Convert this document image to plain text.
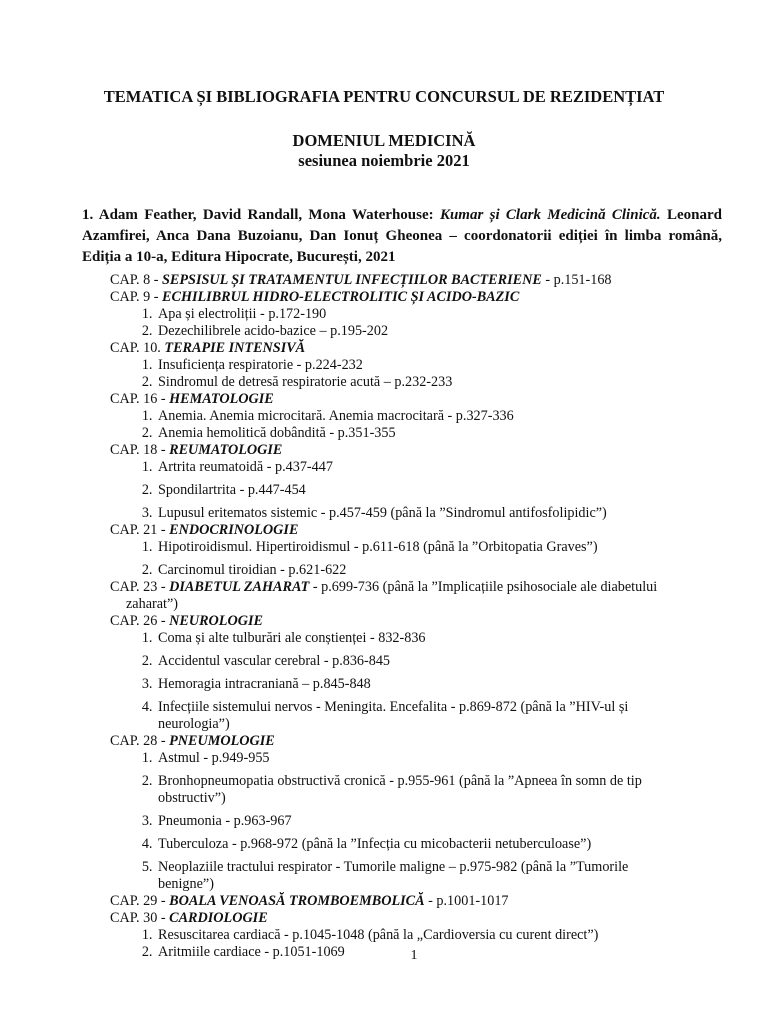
TEMATICA ȘI BIBLIOGRAFIA PENTRU CONCURSUL DE REZIDENȚIAT
DOMENIUL MEDICINĂ
sesiunea noiembrie 2021
1. Adam Feather, David Randall, Mona Waterhouse: Kumar și Clark Medicină Clinică. Leonard Azamfirei, Anca Dana Buzoianu, Dan Ionuț Gheonea – coordonatorii ediției în limba română, Ediția a 10-a, Editura Hipocrate, București, 2021
CAP. 8 - SEPSISUL ȘI TRATAMENTUL INFECȚIILOR BACTERIENE - p.151-168
CAP. 9 - ECHILIBRUL HIDRO-ELECTROLITIC ȘI ACIDO-BAZIC
1. Apa și electroliții - p.172-190
2. Dezechilibrele acido-bazice – p.195-202
CAP. 10. TERAPIE INTENSIVĂ
1. Insuficiența respiratorie - p.224-232
2. Sindromul de detresă respiratorie acută – p.232-233
CAP. 16 - HEMATOLOGIE
1. Anemia. Anemia microcitară. Anemia macrocitară - p.327-336
2. Anemia hemolitică dobândită - p.351-355
CAP. 18 - REUMATOLOGIE
1. Artrita reumatoidă - p.437-447
2. Spondilartrita - p.447-454
3. Lupusul eritematos sistemic - p.457-459 (până la ”Sindromul antifosfolipidic”)
CAP. 21 - ENDOCRINOLOGIE
1. Hipotiroidismul. Hipertiroidismul - p.611-618 (până la ”Orbitopatia Graves”)
2. Carcinomul tiroidian - p.621-622
CAP. 23 - DIABETUL ZAHARAT - p.699-736 (până la ”Implicațiile psihosociale ale diabetului zaharat”)
CAP. 26 - NEUROLOGIE
1. Coma și alte tulburări ale conștienței - 832-836
2. Accidentul vascular cerebral - p.836-845
3. Hemoragia intracraniană – p.845-848
4. Infecțiile sistemului nervos - Meningita. Encefalita - p.869-872 (până la ”HIV-ul și neurologia”)
CAP. 28 - PNEUMOLOGIE
1. Astmul - p.949-955
2. Bronhopneumopatia obstructivă cronică - p.955-961 (până la ”Apneea în somn de tip obstructiv”)
3. Pneumonia - p.963-967
4. Tuberculoza - p.968-972 (până la ”Infecția cu micobacterii netuberculoase”)
5. Neoplaziile tractului respirator - Tumorile maligne – p.975-982 (până la ”Tumorile benigne”)
CAP. 29 - BOALA VENOASĂ TROMBOEMBOLICĂ - p.1001-1017
CAP. 30 - CARDIOLOGIE
1. Resuscitarea cardiacă - p.1045-1048 (până la „Cardioversia cu curent direct”)
2. Aritmiile cardiace - p.1051-1069	1
